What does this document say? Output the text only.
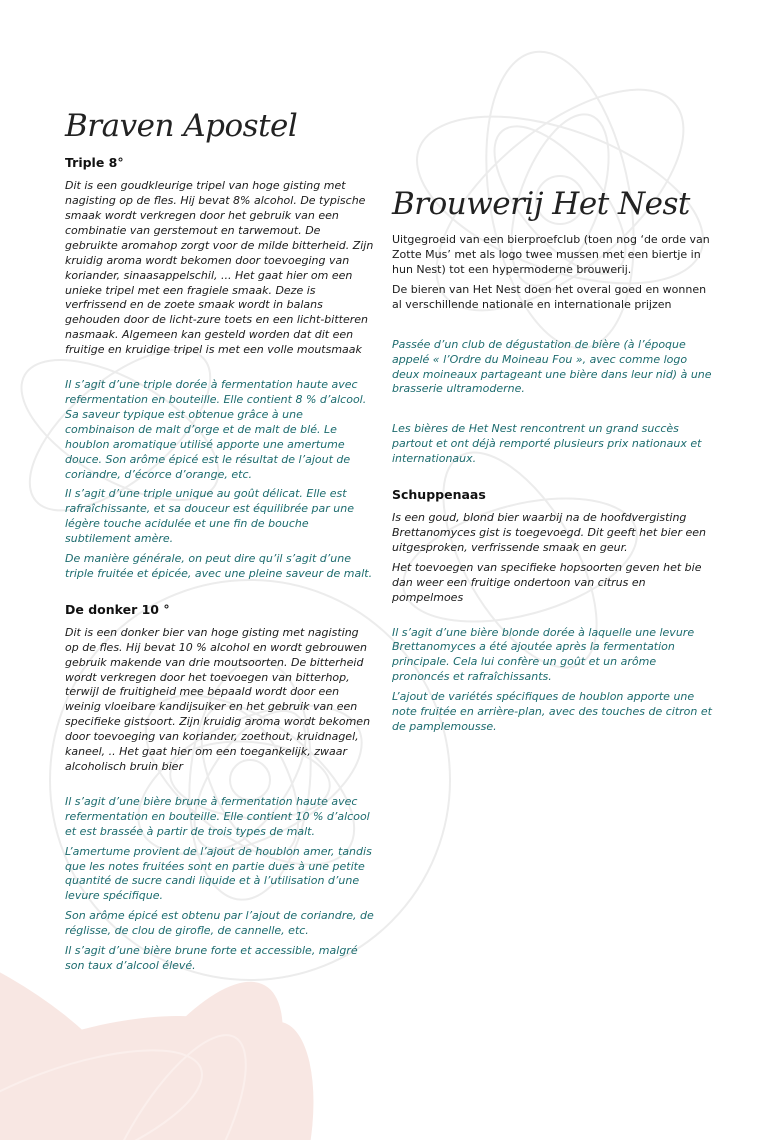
Braven Apostel
Triple 8°

Dit is een goudkleurige tripel van hoge gisting met nagisting op de fles. Hij bevat 8% alcohol. De typische smaak wordt verkregen door het gebruik van een combinatie van gerstemout en tarwemout. De gebruikte aromahop zorgt voor de milde bitterheid. Zijn kruidig aroma wordt bekomen door toevoeging van koriander, sinaasappelschil, ... Het gaat hier om een unieke tripel met een fragiele smaak. Deze is verfrissend en de zoete smaak wordt in balans gehouden door de licht-zure toets en een licht-bitteren nasmaak. Algemeen kan gesteld worden dat dit een fruitige en kruidige tripel is met een volle moutsmaak

Il s’agit d’une triple dorée à fermentation haute avec refermentation en bouteille. Elle contient 8 % d’alcool. Sa saveur typique est obtenue grâce à une combinaison de malt d’orge et de malt de blé. Le houblon aromatique utilisé apporte une amertume douce. Son arôme épicé est le résultat de l’ajout de coriandre, d’écorce d’orange, etc.

Il s’agit d’une triple unique au goût délicat. Elle est rafraîchissante, et sa douceur est équilibrée par une légère touche acidulée et une fin de bouche subtilement amère.

De manière générale, on peut dire qu’il s’agit d’une triple fruitée et épicée, avec une pleine saveur de malt.

De donker 10 °

Dit is een donker bier van hoge gisting met nagisting op de fles. Hij bevat 10 % alcohol en wordt gebrouwen gebruik makende van drie moutsoorten. De bitterheid wordt verkregen door het toevoegen van bitterhop, terwijl de fruitigheid mee bepaald wordt door een weinig vloeibare kandijsuiker en het gebruik van een specifieke gistsoort. Zijn kruidig aroma wordt bekomen door toevoeging van koriander, zoethout, kruidnagel, kaneel, .. Het gaat hier om een toegankelijk, zwaar alcoholisch bruin bier

Il s’agit d’une bière brune à fermentation haute avec refermentation en bouteille. Elle contient 10 % d’alcool et est brassée à partir de trois types de malt.

L’amertume provient de l’ajout de houblon amer, tandis que les notes fruitées sont en partie dues à une petite quantité de sucre candi liquide et à l’utilisation d’une levure spécifique.

Son arôme épicé est obtenu par l’ajout de coriandre, de réglisse, de clou de girofle, de cannelle, etc.

Il s’agit d’une bière brune forte et accessible, malgré son taux d’alcool élevé.

Brouwerij Het Nest

Uitgegroeid van een bierproefclub (toen nog ‘de orde van Zotte Mus’ met als logo twee mussen met een biertje in hun Nest) tot een hypermoderne brouwerij.

De bieren van Het Nest doen het overal goed en wonnen al verschillende nationale en internationale prijzen

Passée d’un club de dégustation de bière (à l’époque appelé « l’Ordre du Moineau Fou », avec comme logo deux moineaux partageant une bière dans leur nid) à une brasserie ultramoderne.

Les bières de Het Nest rencontrent un grand succès partout et ont déjà remporté plusieurs prix nationaux et internationaux.

Schuppenaas

Is een goud, blond bier waarbij na de hoofdvergisting Brettanomyces gist is toegevoegd. Dit geeft het bier een uitgesproken, verfrissende smaak en geur.

Het toevoegen van specifieke hopsoorten geven het bie dan weer een fruitige ondertoon van citrus en pompelmoes

Il s’agit d’une bière blonde dorée à laquelle une levure Brettanomyces a été ajoutée après la fermentation principale. Cela lui confère un goût et un arôme prononcés et rafraîchissants.

L’ajout de variétés spécifiques de houblon apporte une note fruitée en arrière-plan, avec des touches de citron et de pamplemousse.
